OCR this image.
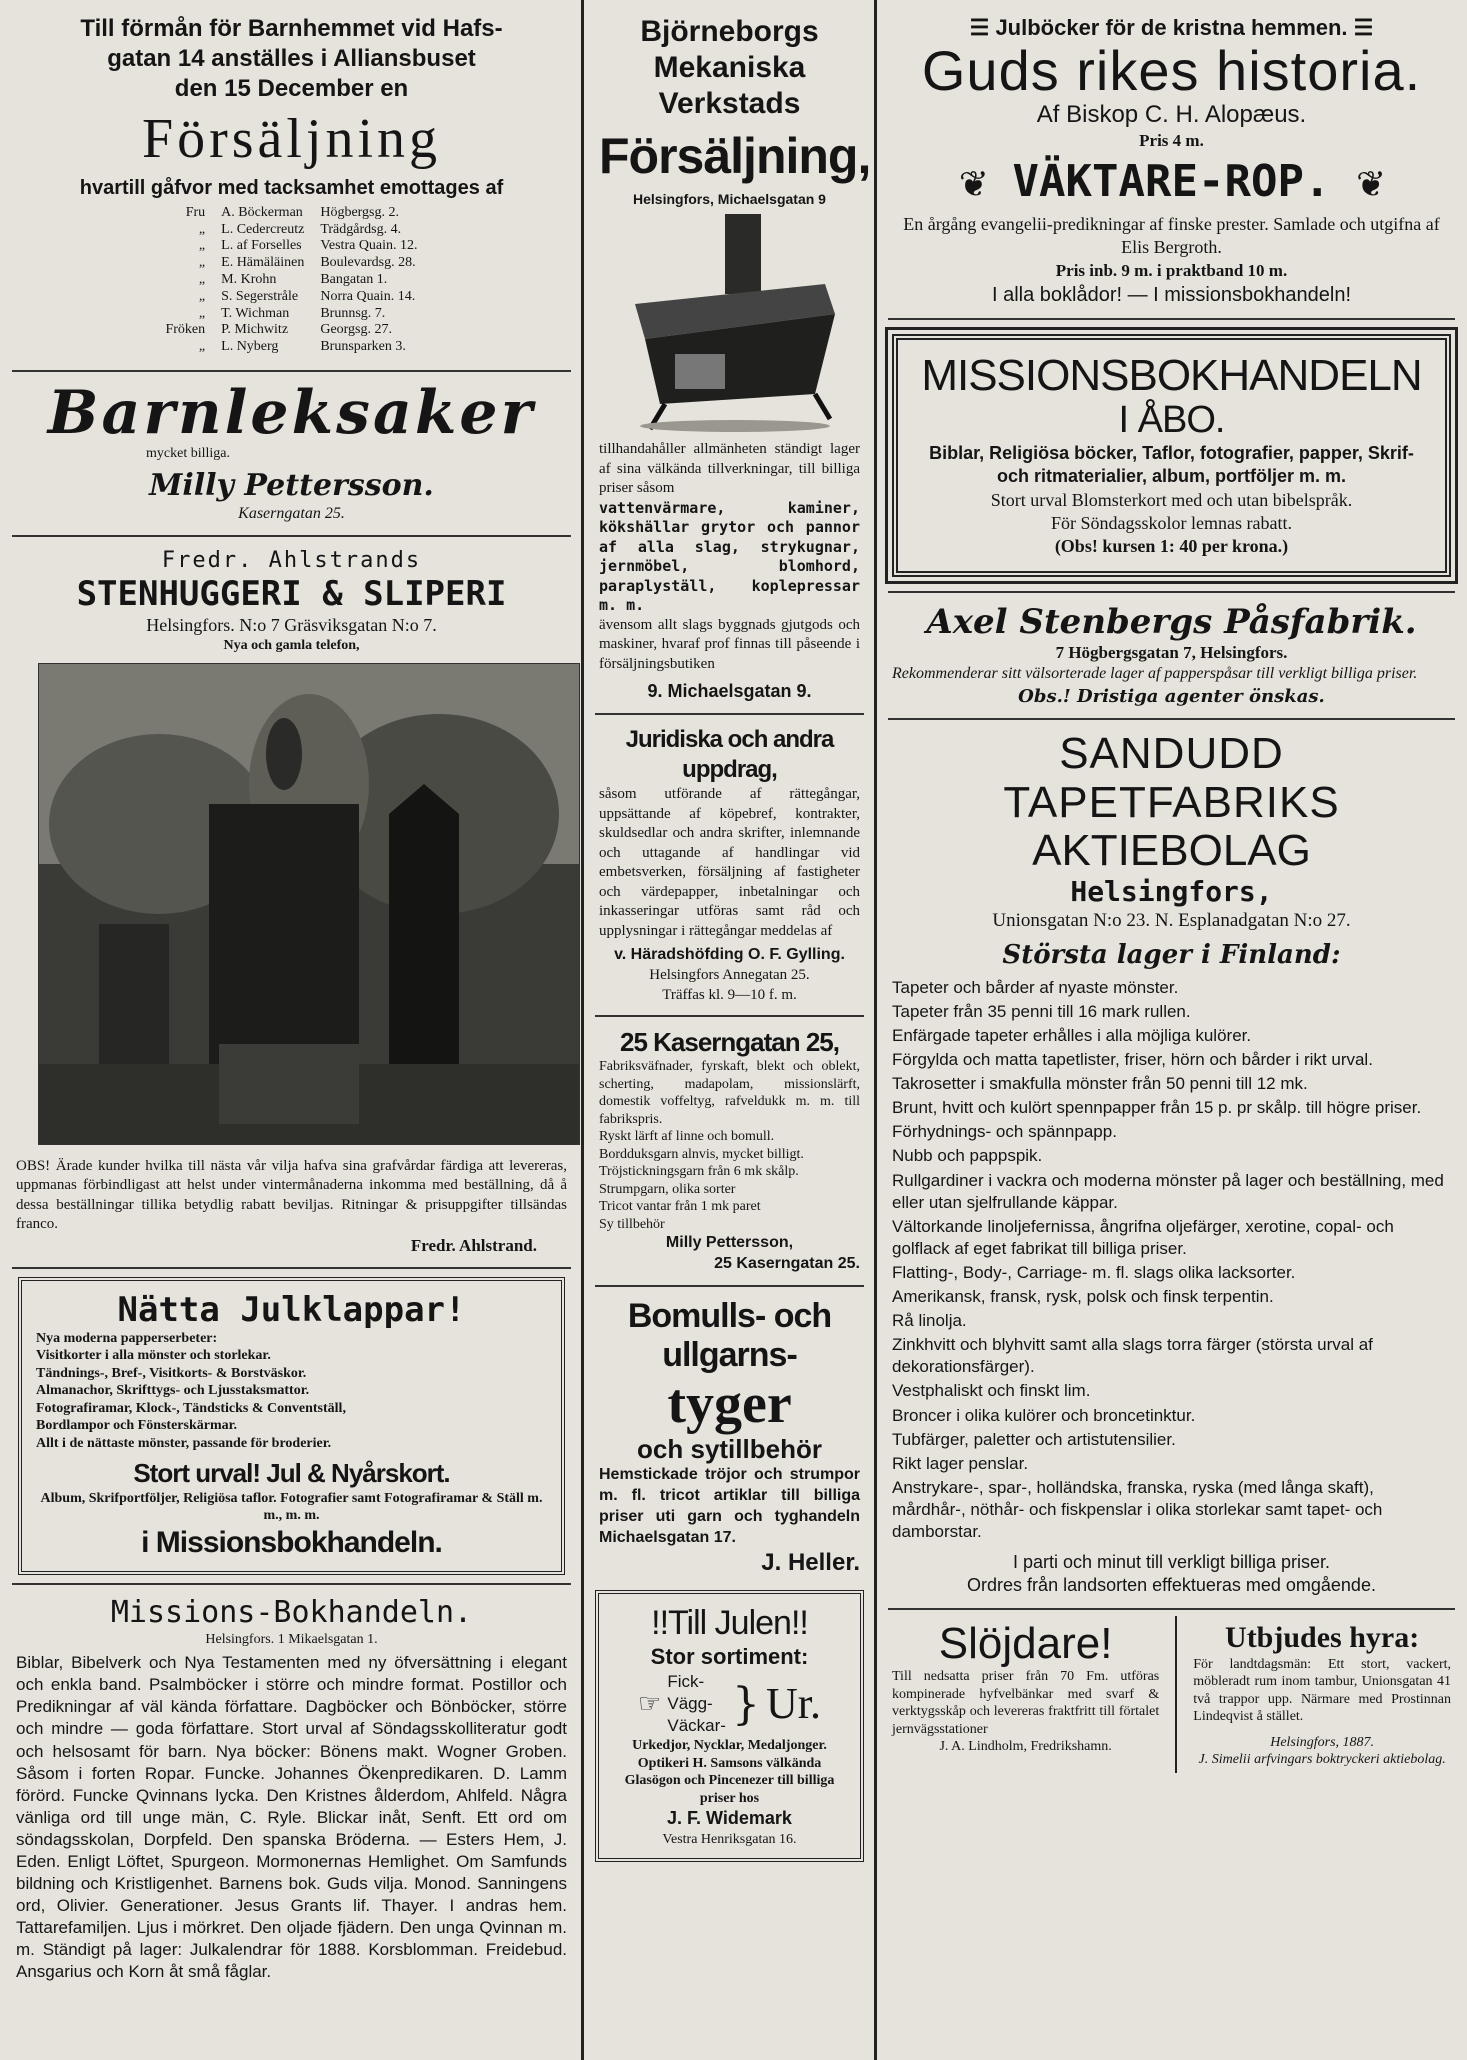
Till förmån för Barnhemmet vid Hafs-

gatan 14 anställes i Alliansbuset

den 15 December en

Försäljning

hvartill gåfvor med tacksamhet emottages af

Fru	A. Böckerman	Högbergsg. 2.
„	L. Cedercreutz	Trädgårdsg. 4.
„	L. af Forselles	Vestra Quain. 12.
„	E. Hämäläinen	Boulevardsg. 28.
„	M. Krohn	Bangatan 1.
„	S. Segerstråle	Norra Quain. 14.
„	T. Wichman	Brunnsg. 7.
Fröken	P. Michwitz	Georgsg. 27.
„	L. Nyberg	Brunsparken 3.

Barnleksaker

mycket billiga.

Milly Pettersson.

Kaserngatan 25.

Fredr. Ahlstrands

STENHUGGERI & SLIPERI

Helsingfors. N:o 7 Gräsviksgatan N:o 7.

Nya och gamla telefon,

OBS! Ärade kunder hvilka till nästa vår vilja hafva sina grafvårdar färdiga att levereras, uppmanas förbindligast att helst under vintermånaderna inkomma med beställning, då å dessa beställningar tillika betydlig rabatt beviljas. Ritningar & prisuppgifter tillsändas franco.

Fredr. Ahlstrand.

Nätta Julklappar!

Nya moderna papperserbeter:

Visitkorter i alla mönster och storlekar.

Tändnings-, Bref-, Visitkorts- & Borstväskor.

Almanachor, Skrifttygs- och Ljusstaksmattor.

Fotografiramar, Klock-, Tändsticks & Conventställ,

Bordlampor och Fönsterskärmar.

Allt i de nättaste mönster, passande för broderier.

Stort urval! Jul & Nyårskort.

Album, Skrifportföljer, Religiösa taflor. Fotografier samt Fotografiramar & Ställ m. m., m. m.

i Missionsbokhandeln.

Missions-Bokhandeln.

Helsingfors. 1 Mikaelsgatan 1.

Biblar, Bibelverk och Nya Testamenten med ny öfversättning i elegant och enkla band. Psalmböcker i större och mindre format. Postillor och Predikningar af väl kända författare. Dagböcker och Bönböcker, större och mindre — goda författare. Stort urval af Söndagsskolliteratur godt och helsosamt för barn. Nya böcker: Bönens makt. Wogner Groben. Såsom i forten Ropar. Funcke. Johannes Ökenpredikaren. D. Lamm förörd. Funcke Qvinnans lycka. Den Kristnes ålderdom, Ahlfeld. Några vänliga ord till unge män, C. Ryle. Blickar inåt, Senft. Ett ord om söndagsskolan, Dorpfeld. Den spanska Bröderna. — Esters Hem, J. Eden. Enligt Löftet, Spurgeon. Mormonernas Hemlighet. Om Samfunds bildning och Kristligenhet. Barnens bok. Guds vilja. Monod. Sanningens ord, Olivier. Generationer. Jesus Grants lif. Thayer. I andras hem. Tattarefamiljen. Ljus i mörkret. Den oljade fjädern. Den unga Qvinnan m. m. Ständigt på lager: Julkalendrar för 1888. Korsblomman. Freidebud. Ansgarius och Korn åt små fåglar.

Björneborgs Mekaniska Verkstads

Försäljning,

Helsingfors, Michaelsgatan 9

tillhandahåller allmänheten ständigt lager af sina välkända tillverkningar, till billiga priser såsom

vattenvärmare, kaminer, kökshällar grytor och pannor af alla slag, strykugnar, jernmöbel, blomhord, paraplyställ, koplepressar m. m.

ävensom allt slags byggnads gjutgods och maskiner, hvaraf prof finnas till påseende i försäljningsbutiken

9. Michaelsgatan 9.

Juridiska och andra uppdrag,

såsom utförande af rättegångar, uppsättande af köpebref, kontrakter, skuldsedlar och andra skrifter, inlemnande och uttagande af handlingar vid embetsverken, försäljning af fastigheter och värdepapper, inbetalningar och inkasseringar utföras samt råd och upplysningar i rättegångar meddelas af

v. Häradshöfding O. F. Gylling.

Helsingfors Annegatan 25.

Träffas kl. 9—10 f. m.

25 Kaserngatan 25,

Fabriksväfnader, fyrskaft, blekt och oblekt, scherting, madapolam, missionslärft, domestik voffeltyg, rafveldukk m. m. till fabrikspris.

Ryskt lärft af linne och bomull.

Bordduksgarn alnvis, mycket billigt.

Tröjstickningsgarn från 6 mk skålp.

Strumpgarn, olika sorter

Tricot vantar från 1 mk paret

Sy tillbehör

Milly Pettersson,

25 Kaserngatan 25.

Bomulls- och ullgarns-

tyger

och sytillbehör

Hemstickade tröjor och strumpor m. fl. tricot artiklar till billiga priser uti garn och tyghandeln Michaelsgatan 17.

J. Heller.

!!Till Julen!!

Stor sortiment:

☞

Fick-

Vägg-

Väckar- } Ur.

Urkedjor, Nycklar, Medaljonger. Optikeri H. Samsons välkända Glasögon och Pincenezer till billiga priser hos

J. F. Widemark

Vestra Henriksgatan 16.

☰ Julböcker för de kristna hemmen. ☰

Guds rikes historia.

Af Biskop C. H. Alopæus.

Pris 4 m.

❦ VÄKTARE-ROP. ❦

En årgång evangelii-predikningar af finske prester. Samlade och utgifna af Elis Bergroth.

Pris inb. 9 m. i praktband 10 m.

I alla boklådor! — I missionsbokhandeln!

MISSIONSBOKHANDELN

I ÅBO.

Biblar, Religiösa böcker, Taflor, fotografier, papper, Skrif- och ritmaterialier, album, portföljer m. m.

Stort urval Blomsterkort med och utan bibelspråk.

För Söndagsskolor lemnas rabatt.

(Obs! kursen 1: 40 per krona.)

Axel Stenbergs Påsfabrik.

7 Högbergsgatan 7, Helsingfors.

Rekommenderar sitt välsorterade lager af papperspåsar till verkligt billiga priser.

Obs.! Dristiga agenter önskas.

SANDUDD TAPETFABRIKS

AKTIEBOLAG

Helsingfors,

Unionsgatan N:o 23. N. Esplanadgatan N:o 27.

Största lager i Finland:

Tapeter och bårder af nyaste mönster.

Tapeter från 35 penni till 16 mark rullen.

Enfärgade tapeter erhålles i alla möjliga kulörer.

Förgylda och matta tapetlister, friser, hörn och bårder i rikt urval.

Takrosetter i smakfulla mönster från 50 penni till 12 mk.

Brunt, hvitt och kulört spennpapper från 15 p. pr skålp. till högre priser.

Förhydnings- och spännpapp.

Nubb och pappspik.

Rullgardiner i vackra och moderna mönster på lager och beställning, med eller utan sjelfrullande käppar.

Vältorkande linoljefernissa, ångrifna oljefärger, xerotine, copal- och golflack af eget fabrikat till billiga priser.

Flatting-, Body-, Carriage- m. fl. slags olika lacksorter.

Amerikansk, fransk, rysk, polsk och finsk terpentin.

Rå linolja.

Zinkhvitt och blyhvitt samt alla slags torra färger (största urval af dekorationsfärger).

Vestphaliskt och finskt lim.

Broncer i olika kulörer och broncetinktur.

Tubfärger, paletter och artistutensilier.

Rikt lager penslar.

Anstrykare-, spar-, holländska, franska, ryska (med långa skaft), mårdhår-, nöthår- och fiskpenslar i olika storlekar samt tapet- och damborstar.

I parti och minut till verkligt billiga priser.

Ordres från landsorten effektueras med omgående.

Slöjdare!

Till nedsatta priser från 70 Fm. utföras kompinerade hyfvelbänkar med svarf & verktygsskåp och levereras fraktfritt till förtalet jernvägsstationer

J. A. Lindholm, Fredrikshamn.

Utbjudes hyra:

För landtdagsmän: Ett stort, vackert, möbleradt rum inom tambur, Unionsgatan 41 två trappor upp. Närmare med Prostinnan Lindeqvist å stället.

Helsingfors, 1887.

J. Simelii arfvingars boktryckeri aktiebolag.
